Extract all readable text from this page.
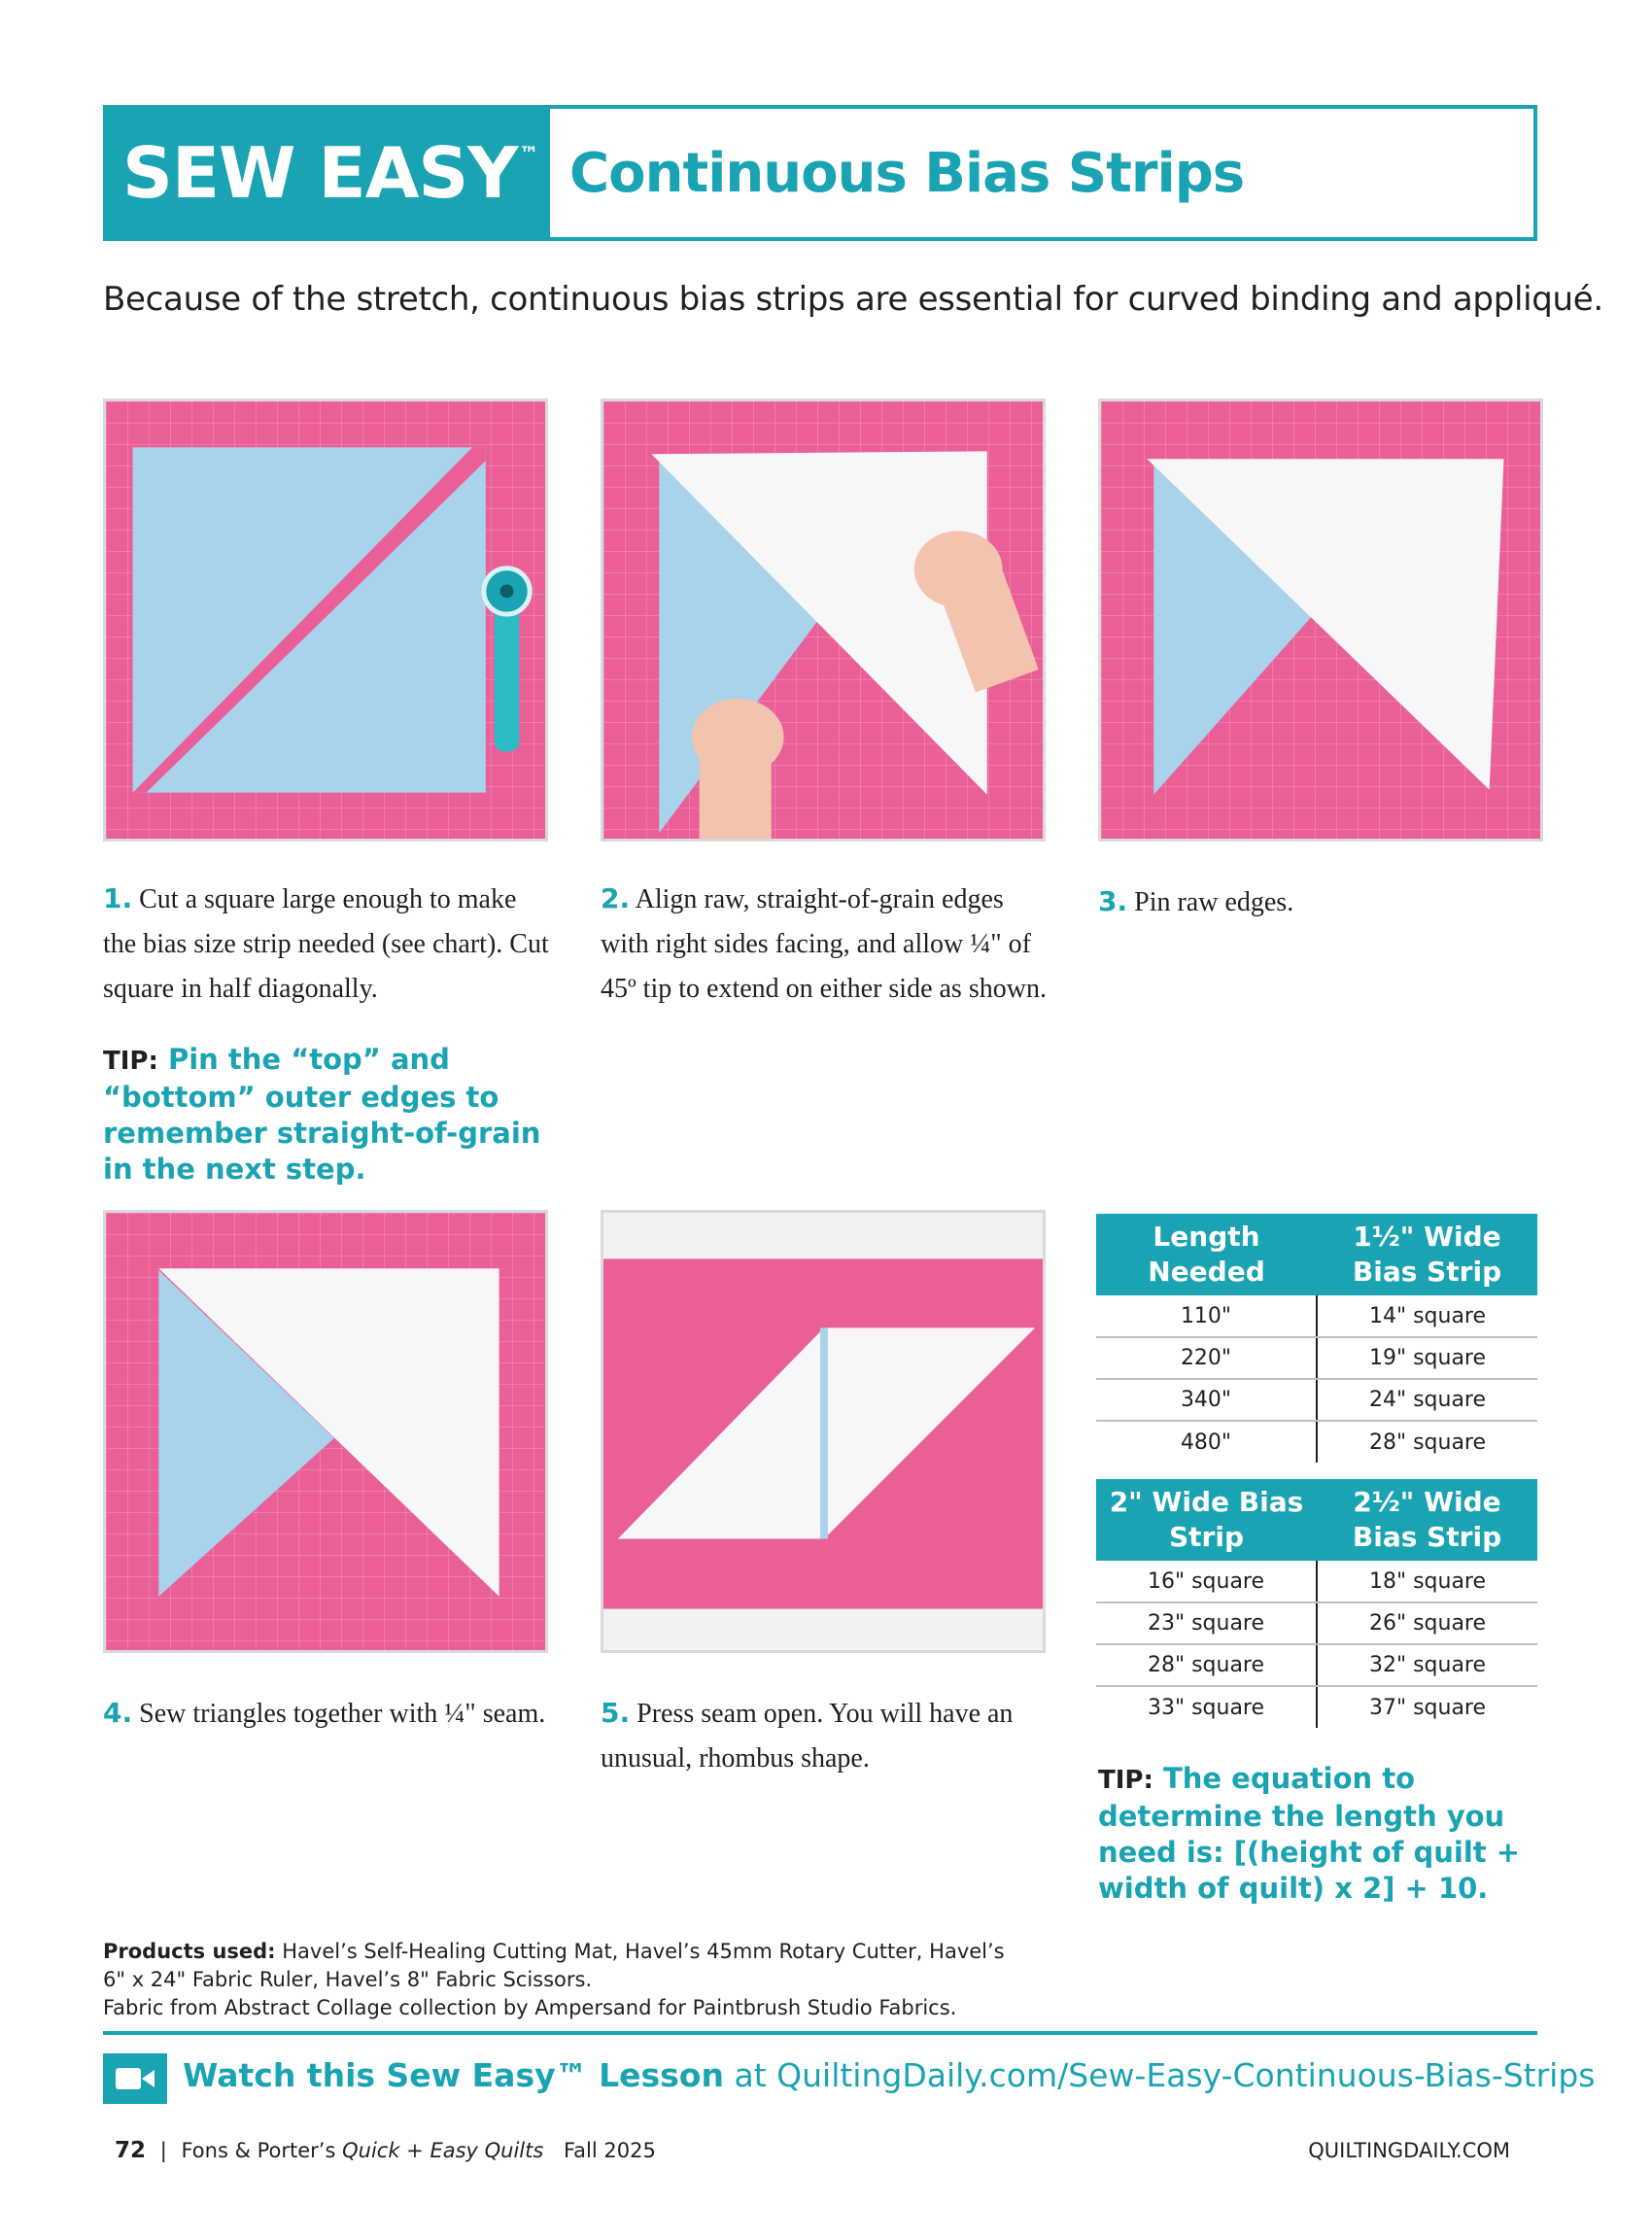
SEW EASY ™ Continuous Bias Strips
Because of the stretch, continuous bias strips are essential for curved binding and appliqué.
1. Cut a square large enough to make the bias size strip needed (see chart). Cut square in half diagonally.
2. Align raw, straight-of-grain edges with right sides facing, and allow ¼" of 45º tip to extend on either side as shown.
3. Pin raw edges.
TIP: Pin the “top” and “bottom” outer edges to remember straight-of-grain in the next step.
4. Sew triangles together with ¼" seam. 5. Press seam open. You will have an unusual, rhombus shape.
Length Needed	1½" Wide Bias Strip
110"	14" square
220"	19" square
340"	24" square
480"	28" square
2" Wide Bias Strip	2½" Wide Bias Strip
16" square	18" square
23" square	26" square
28" square	32" square
33" square	37" square
TIP: The equation to determine the length you need is: [(height of quilt + width of quilt) x 2] + 10.
Products used: Havel’s Self-Healing Cutting Mat, Havel’s 45mm Rotary Cutter, Havel’s
6" x 24" Fabric Ruler, Havel’s 8" Fabric Scissors.
Fabric from Abstract Collage collection by Ampersand for Paintbrush Studio Fabrics.
Watch this Sew Easy™ Lesson at QuiltingDaily.com/Sew-Easy-Continuous-Bias-Strips
72 | Fons & Porter’s Quick + Easy Quilts Fall 2025	QUILTINGDAILY.COM
